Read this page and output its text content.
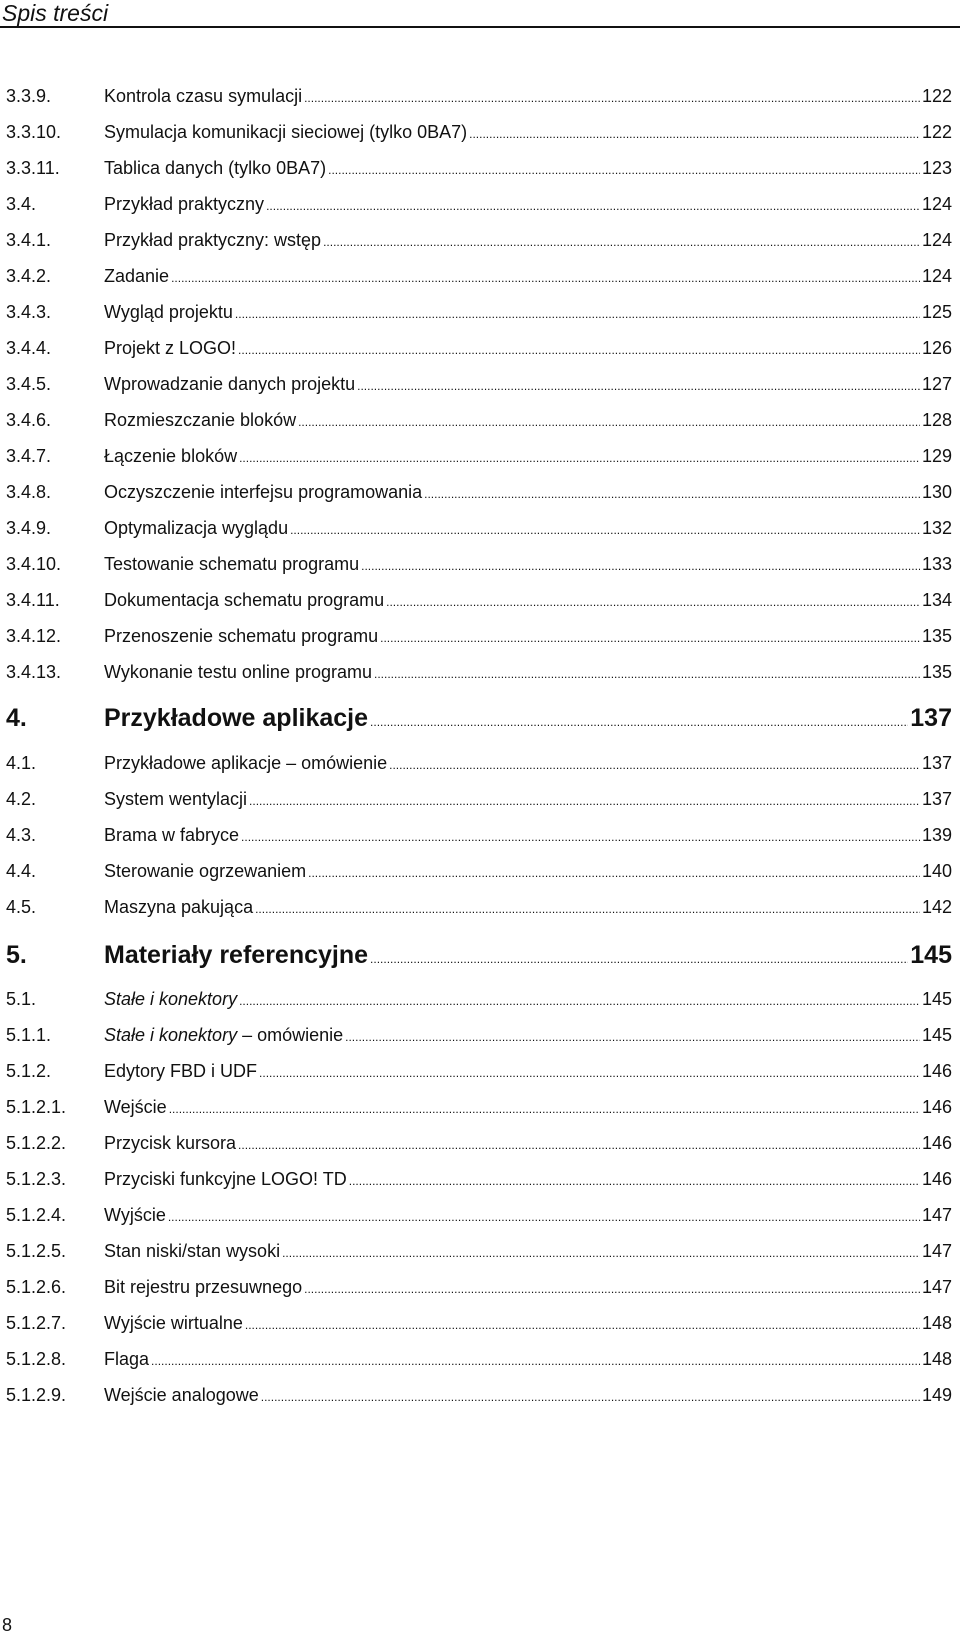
Spis treści
3.3.9.	Kontrola czasu symulacji .....	122
3.3.10.	Symulacja komunikacji sieciowej (tylko 0BA7) .....	122
3.3.11.	Tablica danych (tylko 0BA7) .....	123
3.4.	Przykład praktyczny .....	124
3.4.1.	Przykład praktyczny: wstęp .....	124
3.4.2.	Zadanie .....	124
3.4.3.	Wygląd projektu .....	125
3.4.4.	Projekt z LOGO! .....	126
3.4.5.	Wprowadzanie danych projektu .....	127
3.4.6.	Rozmieszczanie bloków .....	128
3.4.7.	Łączenie bloków .....	129
3.4.8.	Oczyszczenie interfejsu programowania .....	130
3.4.9.	Optymalizacja wyglądu .....	132
3.4.10.	Testowanie schematu programu .....	133
3.4.11.	Dokumentacja schematu programu .....	134
3.4.12.	Przenoszenie schematu programu .....	135
3.4.13.	Wykonanie testu online programu .....	135
4.	Przykładowe aplikacje .....	137
4.1.	Przykładowe aplikacje – omówienie .....	137
4.2.	System wentylacji .....	137
4.3.	Brama w fabryce .....	139
4.4.	Sterowanie ogrzewaniem .....	140
4.5.	Maszyna pakująca .....	142
5.	Materiały referencyjne .....	145
5.1.	Stałe i konektory .....	145
5.1.1.	Stałe i konektory – omówienie .....	145
5.1.2.	Edytory FBD i UDF .....	146
5.1.2.1.	Wejście .....	146
5.1.2.2.	Przycisk kursora .....	146
5.1.2.3.	Przyciski funkcyjne LOGO! TD .....	146
5.1.2.4.	Wyjście .....	147
5.1.2.5.	Stan niski/stan wysoki .....	147
5.1.2.6.	Bit rejestru przesuwnego .....	147
5.1.2.7.	Wyjście wirtualne .....	148
5.1.2.8.	Flaga .....	148
5.1.2.9.	Wejście analogowe .....	149
8
